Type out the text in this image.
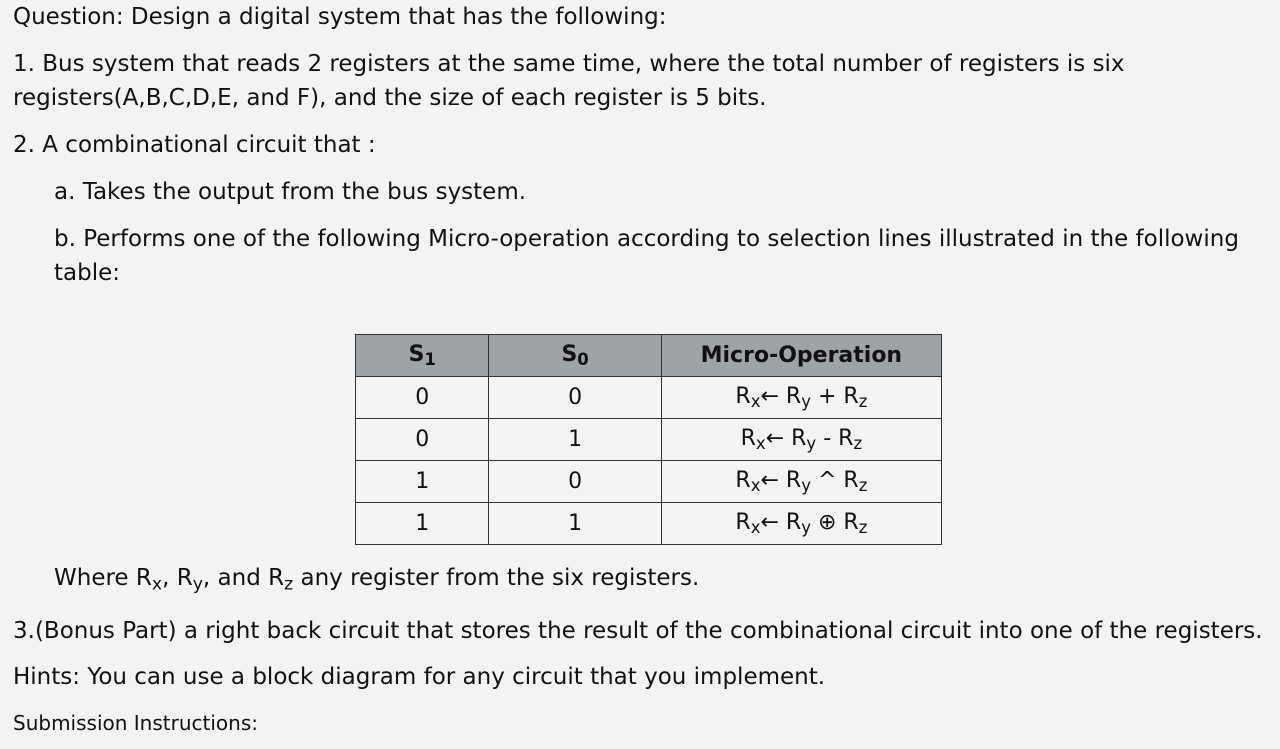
Question: Design a digital system that has the following:
1. Bus system that reads 2 registers at the same time, where the total number of registers is six
registers(A,B,C,D,E, and F), and the size of each register is 5 bits.
2. A combinational circuit that :
a. Takes the output from the bus system.
b. Performs one of the following Micro-operation according to selection lines illustrated in the following
table:
$S_1$	$S_0$	Micro-Operation
0	0	$R_x\leftarrow$ $R_y + R_z$
0	1	$R_x\leftarrow$ $R_y - R_z$
1	0	$R_x\leftarrow$ $R_y$ ^ $R_z$
1	1	$R_x\leftarrow$ $R_y$ ⊕ $R_z$
Where $R_x$, $R_y$, and $R_z$ any register from the six registers.
3.(Bonus Part) a right back circuit that stores the result of the combinational circuit into one of the registers.
Hints: You can use a block diagram for any circuit that you implement.
Submission Instructions:
